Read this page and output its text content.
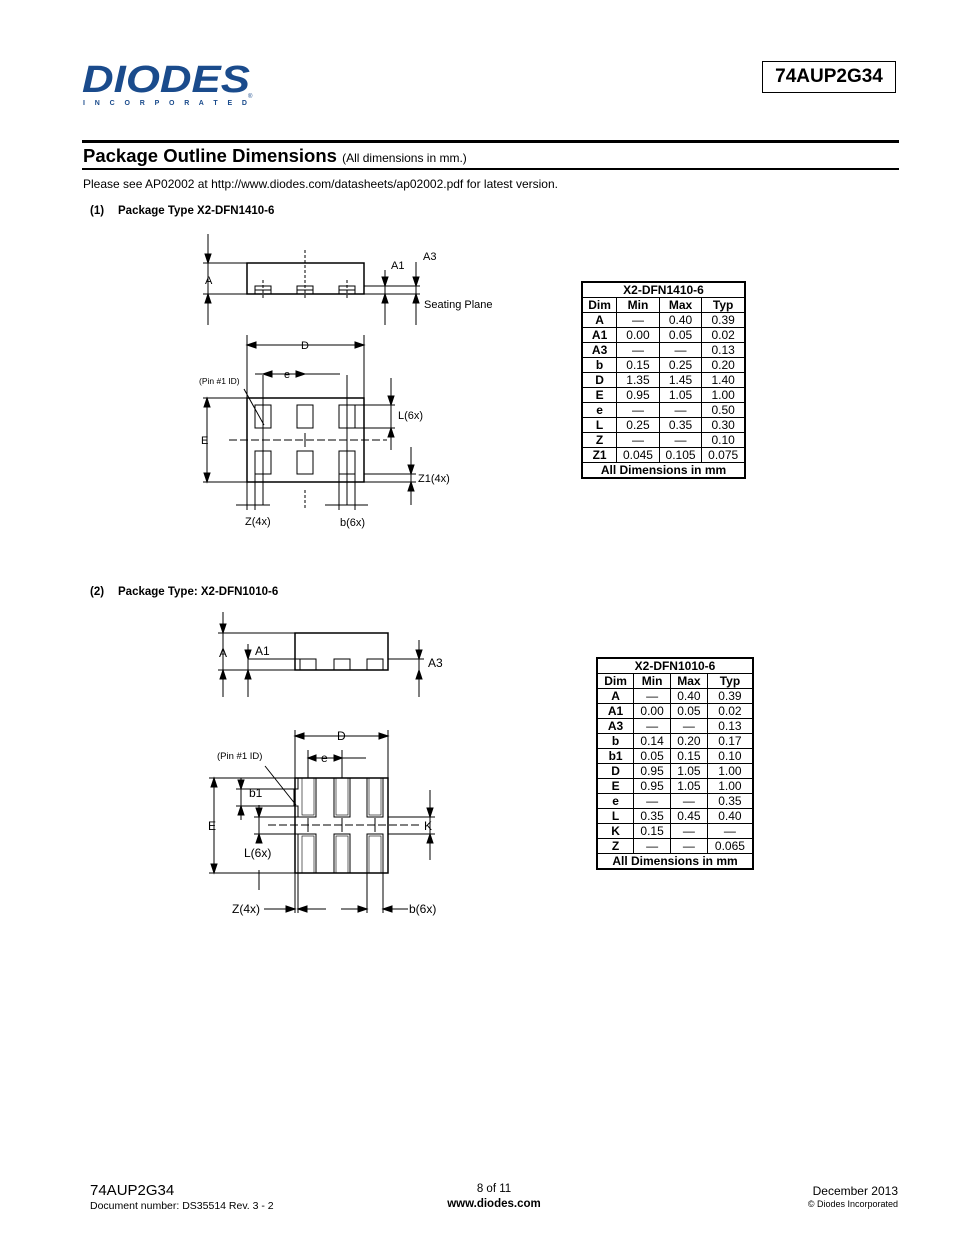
DIODES
I N C O R P O R A T E D
®
74AUP2G34
Package Outline Dimensions (All dimensions in mm.)
Please see AP02002 at http://www.diodes.com/datasheets/ap02002.pdf for latest version.
(1) Package Type X2-DFN1410-6
A
A1
A3
Seating Plane
D
e
(Pin #1 ID)
E
L(6x)
Z1(4x)
Z(4x)	b(6x)
X2-DFN1410-6			
Dim	Min	Max	Typ
A	—	0.40	0.39
A1	0.00	0.05	0.02
A3	—	—	0.13
b	0.15	0.25	0.20
D	1.35	1.45	1.40
E	0.95	1.05	1.00
e	—	—	0.50
L	0.25	0.35	0.30
Z	—	—	0.10
Z1	0.045	0.105	0.075
All Dimensions in mm			
(2) Package Type: X2-DFN1010-6
A A1
A3
D
e
(Pin #1 ID)
b1
E	K
L(6x)
Z(4x)	b(6x)
X2-DFN1010-6			
Dim	Min	Max	Typ
A	—	0.40	0.39
A1	0.00	0.05	0.02
A3	—	—	0.13
b	0.14	0.20	0.17
b1	0.05	0.15	0.10
D	0.95	1.05	1.00
E	0.95	1.05	1.00
e	—	—	0.35
L	0.35	0.45	0.40
K	0.15	—	—
Z	—	—	0.065
All Dimensions in mm			
74AUP2G34
Document number: DS35514 Rev. 3 - 2
8 of 11
www.diodes.com
December 2013
© Diodes Incorporated
